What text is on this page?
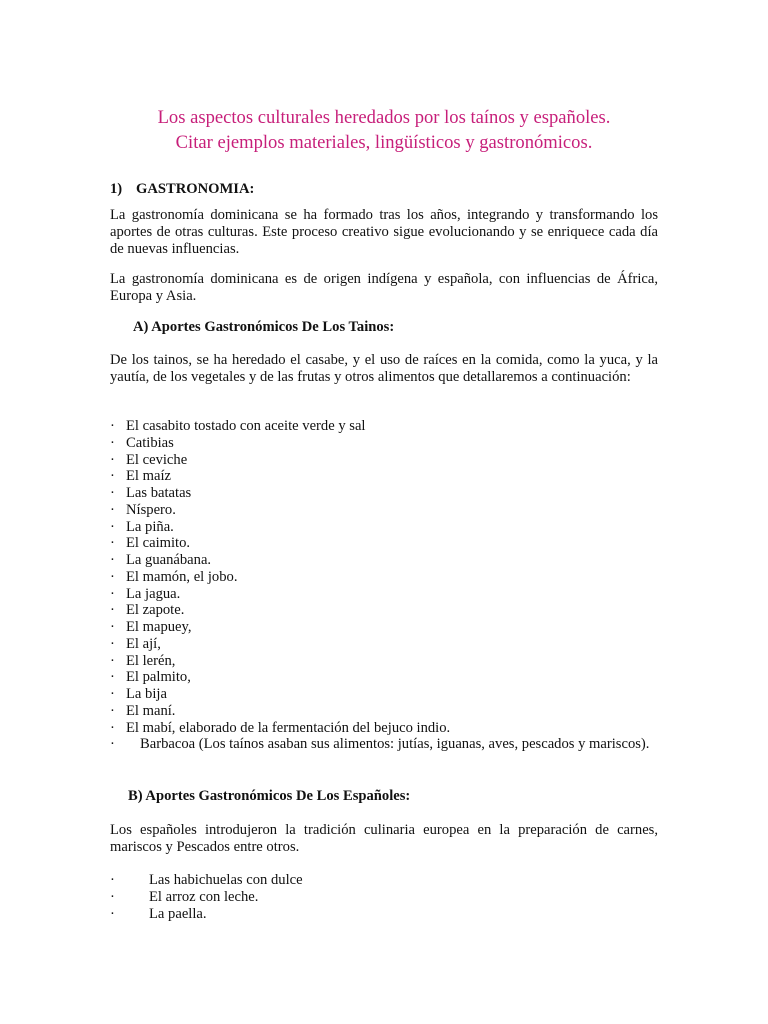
Los aspectos culturales heredados por los taínos y españoles.
Citar ejemplos materiales, lingüísticos y gastronómicos.
1) GASTRONOMIA:
La gastronomía dominicana se ha formado tras los años, integrando y transformando los aportes de otras culturas. Este proceso creativo sigue evolucionando y se enriquece cada día de nuevas influencias.
La gastronomía dominicana es de origen indígena y española, con influencias de África, Europa y Asia.
A) Aportes Gastronómicos De Los Tainos:
De los tainos, se ha heredado el casabe, y el uso de raíces en la comida, como la yuca, y la yautía, de los vegetales y de las frutas y otros alimentos que detallaremos a continuación:
· El casabito tostado con aceite verde y sal
· Catibias
· El ceviche
· El maíz
· Las batatas
· Níspero.
· La piña.
· El caimito.
· La guanábana.
· El mamón, el jobo.
· La jagua.
· El zapote.
· El mapuey,
· El ají,
· El lerén,
· El palmito,
· La bija
· El maní.
· El mabí, elaborado de la fermentación del bejuco indio.
· Barbacoa (Los taínos asaban sus alimentos: jutías, iguanas, aves, pescados y mariscos).
B) Aportes Gastronómicos De Los Españoles:
Los españoles introdujeron la tradición culinaria europea en la preparación de carnes, mariscos y Pescados entre otros.
·	Las habichuelas con dulce
·	El arroz con leche.
·	La paella.
